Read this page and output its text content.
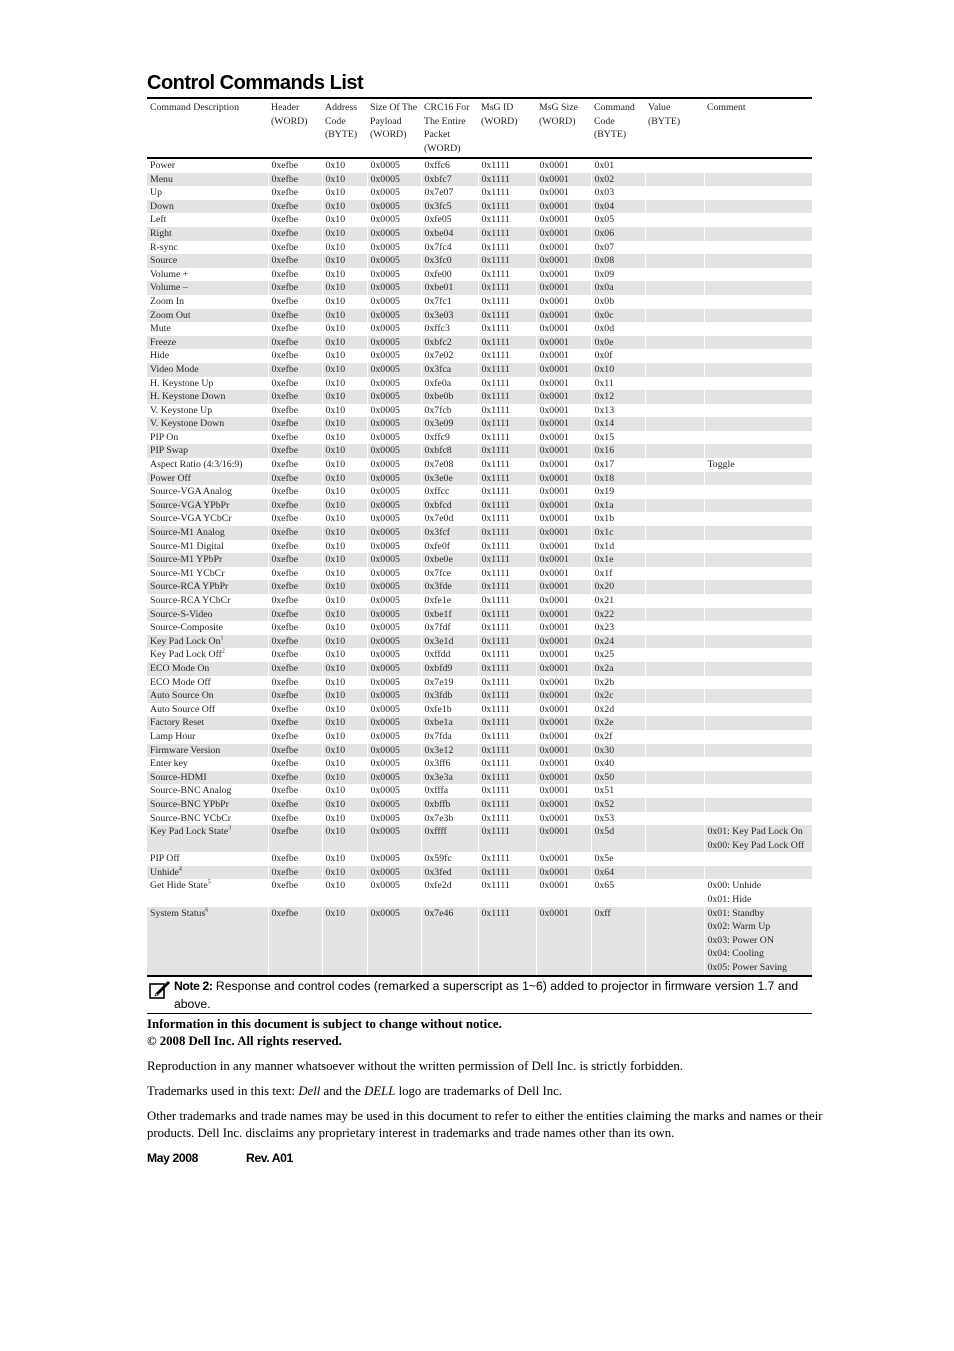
Control Commands List
Command Description	Header (WORD)	Address Code (BYTE)	Size Of The Payload (WORD)	CRC16 For The Entire Packet (WORD)	MsG ID (WORD)	MsG Size (WORD)	Command Code (BYTE)	Value (BYTE)	Comment
Power	0xefbe	0x10	0x0005	0xffc6	0x1111	0x0001	0x01		
Menu	0xefbe	0x10	0x0005	0xbfc7	0x1111	0x0001	0x02		
Up	0xefbe	0x10	0x0005	0x7e07	0x1111	0x0001	0x03		
Down	0xefbe	0x10	0x0005	0x3fc5	0x1111	0x0001	0x04		
Left	0xefbe	0x10	0x0005	0xfe05	0x1111	0x0001	0x05		
Right	0xefbe	0x10	0x0005	0xbe04	0x1111	0x0001	0x06		
R-sync	0xefbe	0x10	0x0005	0x7fc4	0x1111	0x0001	0x07		
Source	0xefbe	0x10	0x0005	0x3fc0	0x1111	0x0001	0x08		
Volume +	0xefbe	0x10	0x0005	0xfe00	0x1111	0x0001	0x09		
Volume –	0xefbe	0x10	0x0005	0xbe01	0x1111	0x0001	0x0a		
Zoom In	0xefbe	0x10	0x0005	0x7fc1	0x1111	0x0001	0x0b		
Zoom Out	0xefbe	0x10	0x0005	0x3e03	0x1111	0x0001	0x0c		
Mute	0xefbe	0x10	0x0005	0xffc3	0x1111	0x0001	0x0d		
Freeze	0xefbe	0x10	0x0005	0xbfc2	0x1111	0x0001	0x0e		
Hide	0xefbe	0x10	0x0005	0x7e02	0x1111	0x0001	0x0f		
Video Mode	0xefbe	0x10	0x0005	0x3fca	0x1111	0x0001	0x10		
H. Keystone Up	0xefbe	0x10	0x0005	0xfe0a	0x1111	0x0001	0x11		
H. Keystone Down	0xefbe	0x10	0x0005	0xbe0b	0x1111	0x0001	0x12		
V. Keystone Up	0xefbe	0x10	0x0005	0x7fcb	0x1111	0x0001	0x13		
V. Keystone Down	0xefbe	0x10	0x0005	0x3e09	0x1111	0x0001	0x14		
PIP On	0xefbe	0x10	0x0005	0xffc9	0x1111	0x0001	0x15		
PIP Swap	0xefbe	0x10	0x0005	0xbfc8	0x1111	0x0001	0x16		
Aspect Ratio (4:3/16:9)	0xefbe	0x10	0x0005	0x7e08	0x1111	0x0001	0x17		Toggle

Power Off	0xefbe	0x10	0x0005	0x3e0e	0x1111	0x0001	0x18		
Source-VGA Analog	0xefbe	0x10	0x0005	0xffcc	0x1111	0x0001	0x19		
Source-VGA YPbPr	0xefbe	0x10	0x0005	0xbfcd	0x1111	0x0001	0x1a		
Source-VGA YCbCr	0xefbe	0x10	0x0005	0x7e0d	0x1111	0x0001	0x1b		
Source-M1 Analog	0xefbe	0x10	0x0005	0x3fcf	0x1111	0x0001	0x1c		
Source-M1 Digital	0xefbe	0x10	0x0005	0xfe0f	0x1111	0x0001	0x1d		
Source-M1 YPbPr	0xefbe	0x10	0x0005	0xbe0e	0x1111	0x0001	0x1e		
Source-M1 YCbCr	0xefbe	0x10	0x0005	0x7fce	0x1111	0x0001	0x1f		
Source-RCA YPbPr	0xefbe	0x10	0x0005	0x3fde	0x1111	0x0001	0x20		
Source-RCA YCbCr	0xefbe	0x10	0x0005	0xfe1e	0x1111	0x0001	0x21		
Source-S-Video	0xefbe	0x10	0x0005	0xbe1f	0x1111	0x0001	0x22		
Source-Composite	0xefbe	0x10	0x0005	0x7fdf	0x1111	0x0001	0x23		
Key Pad Lock On$^1$	0xefbe	0x10	0x0005	0x3e1d	0x1111	0x0001	0x24		
Key Pad Lock Off$^2$	0xefbe	0x10	0x0005	0xffdd	0x1111	0x0001	0x25		
ECO Mode On	0xefbe	0x10	0x0005	0xbfd9	0x1111	0x0001	0x2a		
ECO Mode Off	0xefbe	0x10	0x0005	0x7e19	0x1111	0x0001	0x2b		
Auto Source On	0xefbe	0x10	0x0005	0x3fdb	0x1111	0x0001	0x2c		
Auto Source Off	0xefbe	0x10	0x0005	0xfe1b	0x1111	0x0001	0x2d		
Factory Reset	0xefbe	0x10	0x0005	0xbe1a	0x1111	0x0001	0x2e		
Lamp Hour	0xefbe	0x10	0x0005	0x7fda	0x1111	0x0001	0x2f		
Firmware Version	0xefbe	0x10	0x0005	0x3e12	0x1111	0x0001	0x30		
Enter key	0xefbe	0x10	0x0005	0x3ff6	0x1111	0x0001	0x40		
Source-HDMI	0xefbe	0x10	0x0005	0x3e3a	0x1111	0x0001	0x50		
Source-BNC Analog	0xefbe	0x10	0x0005	0xfffa	0x1111	0x0001	0x51		
Source-BNC YPbPr	0xefbe	0x10	0x0005	0xbffb	0x1111	0x0001	0x52		
Source-BNC YCbCr	0xefbe	0x10	0x0005	0x7e3b	0x1111	0x0001	0x53		
Key Pad Lock State$^3$	0xefbe	0x10	0x0005	0xffff	0x1111	0x0001	0x5d		0x01: Key Pad Lock On
0x00: Key Pad Lock Off

PIP Off	0xefbe	0x10	0x0005	0x59fc	0x1111	0x0001	0x5e		
Unhide$^4$	0xefbe	0x10	0x0005	0x3fed	0x1111	0x0001	0x64		
Get Hide State$^5$	0xefbe	0x10	0x0005	0xfe2d	0x1111	0x0001	0x65		0x00: Unhide
0x01: Hide

System Status$^6$	0xefbe	0x10	0x0005	0x7e46	0x1111	0x0001	0xff		0x01: Standby
0x02: Warm Up
0x03: Power ON
0x04: Cooling
0x05: Power Saving
Note 2: Response and control codes (remarked a superscript as 1~6) added to projector in firmware version 1.7 and above.
Information in this document is subject to change without notice.
© 2008 Dell Inc. All rights reserved.
Reproduction in any manner whatsoever without the written permission of Dell Inc. is strictly forbidden.
Trademarks used in this text: Dell and the DELL logo are trademarks of Dell Inc.
Other trademarks and trade names may be used in this document to refer to either the entities claiming the marks and names or their products. Dell Inc. disclaims any proprietary interest in trademarks and trade names other than its own.
May 2008	Rev. A01
